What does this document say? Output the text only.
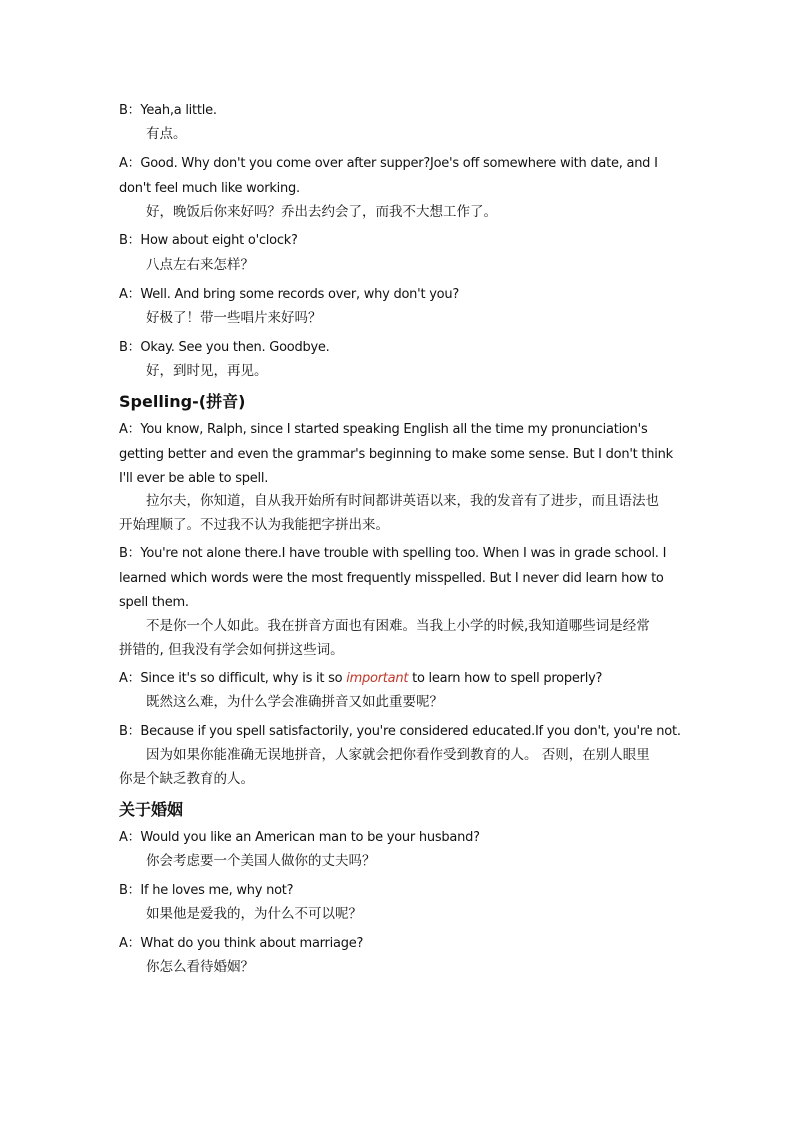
B：Yeah,a little.
有点。
A：Good. Why don't you come over after supper?Joe's off somewhere with date, and I
don't feel much like working.
好，晚饭后你来好吗？乔出去约会了，而我不大想工作了。
B：How about eight o'clock?
八点左右来怎样？
A：Well. And bring some records over, why don't you?
好极了！带一些唱片来好吗？
B：Okay. See you then. Goodbye.
好，到时见，再见。
Spelling-(拼音)
A：You know, Ralph, since I started speaking English all the time my pronunciation's
getting better and even the grammar's beginning to make some sense. But I don't think
I'll ever be able to spell.
拉尔夫，你知道，自从我开始所有时间都讲英语以来，我的发音有了进步，而且语法也
开始理顺了。不过我不认为我能把字拼出来。
B：You're not alone there.I have trouble with spelling too. When I was in grade school. I
learned which words were the most frequently misspelled. But I never did learn how to
spell them.
不是你一个人如此。我在拼音方面也有困难。当我上小学的时候,我知道哪些词是经常
拼错的, 但我没有学会如何拼这些词。
A：Since it's so difficult, why is it so important to learn how to spell properly?
既然这么难，为什么学会准确拼音又如此重要呢？
B：Because if you spell satisfactorily, you're considered educated.If you don't, you're not.
因为如果你能准确无误地拼音，人家就会把你看作受到教育的人。 否则，在别人眼里
你是个缺乏教育的人。
关于婚姻
A：Would you like an American man to be your husband?
你会考虑要一个美国人做你的丈夫吗？
B：If he loves me, why not?
如果他是爱我的，为什么不可以呢？
A：What do you think about marriage?
你怎么看待婚姻？
